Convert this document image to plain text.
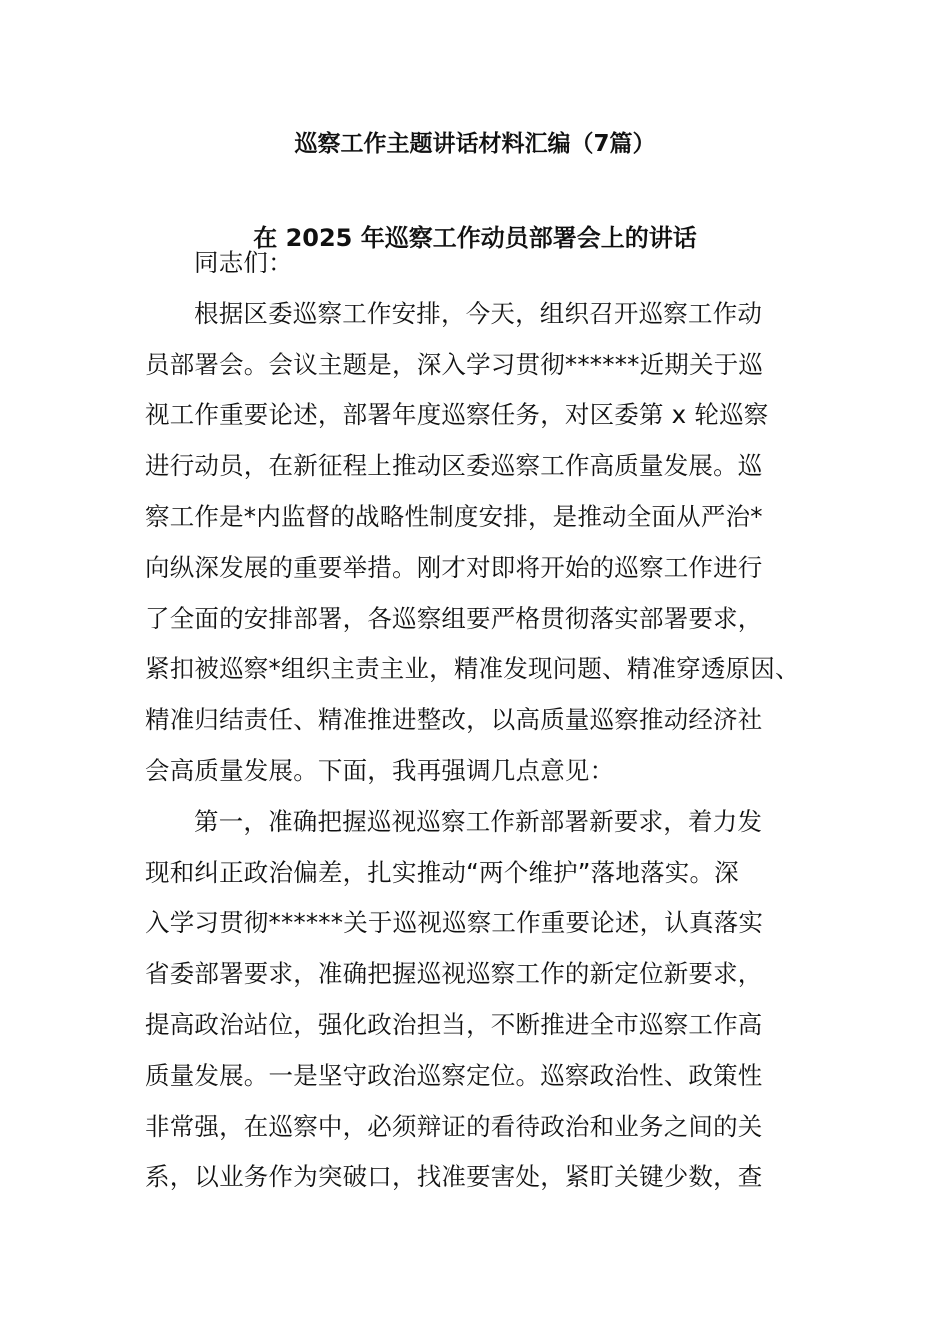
巡察工作主题讲话材料汇编（7篇）
在 2025 年巡察工作动员部署会上的讲话
同志们：
根据区委巡察工作安排，今天，组织召开巡察工作动
员部署会。会议主题是，深入学习贯彻******近期关于巡
视工作重要论述，部署年度巡察任务，对区委第 x 轮巡察
进行动员，在新征程上推动区委巡察工作高质量发展。巡
察工作是*内监督的战略性制度安排，是推动全面从严治*
向纵深发展的重要举措。刚才对即将开始的巡察工作进行
了全面的安排部署，各巡察组要严格贯彻落实部署要求，
紧扣被巡察*组织主责主业，精准发现问题、精准穿透原因、
精准归结责任、精准推进整改，以高质量巡察推动经济社
会高质量发展。下面，我再强调几点意见：
第一，准确把握巡视巡察工作新部署新要求，着力发
现和纠正政治偏差，扎实推动“两个维护”落地落实。深
入学习贯彻******关于巡视巡察工作重要论述，认真落实
省委部署要求，准确把握巡视巡察工作的新定位新要求，
提高政治站位，强化政治担当，不断推进全市巡察工作高
质量发展。一是坚守政治巡察定位。巡察政治性、政策性
非常强，在巡察中，必须辩证的看待政治和业务之间的关
系，以业务作为突破口，找准要害处，紧盯关键少数，查
